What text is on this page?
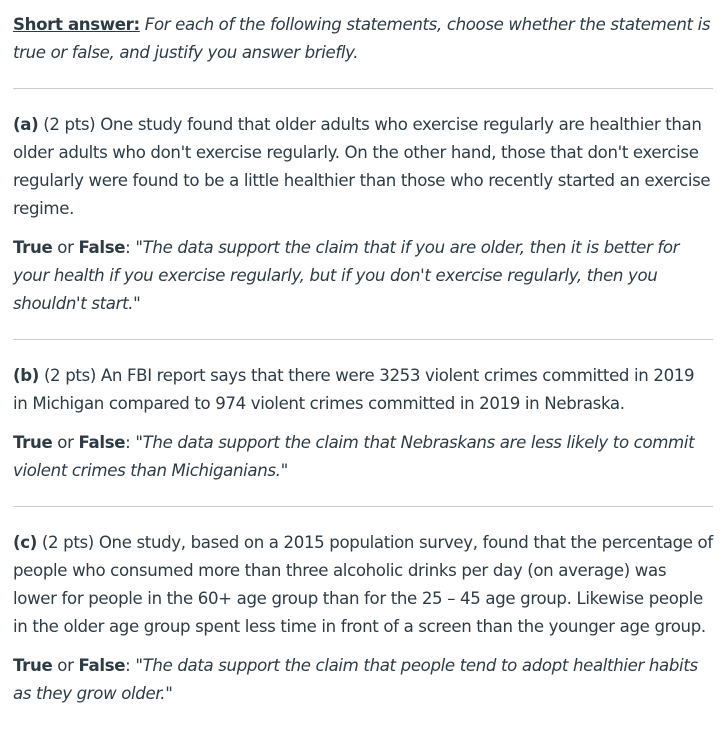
Short answer: For each of the following statements, choose whether the statement is true or false, and justify you answer briefly.

(a) (2 pts) One study found that older adults who exercise regularly are healthier than older adults who don't exercise regularly. On the other hand, those that don't exercise regularly were found to be a little healthier than those who recently started an exercise regime.

True or False: "The data support the claim that if you are older, then it is better for your health if you exercise regularly, but if you don't exercise regularly, then you shouldn't start."

(b) (2 pts) An FBI report says that there were 3253 violent crimes committed in 2019 in Michigan compared to 974 violent crimes committed in 2019 in Nebraska.

True or False: "The data support the claim that Nebraskans are less likely to commit violent crimes than Michiganians."

(c) (2 pts) One study, based on a 2015 population survey, found that the percentage of people who consumed more than three alcoholic drinks per day (on average) was lower for people in the 60+ age group than for the 25 – 45 age group. Likewise people in the older age group spent less time in front of a screen than the younger age group.

True or False: "The data support the claim that people tend to adopt healthier habits as they grow older."
